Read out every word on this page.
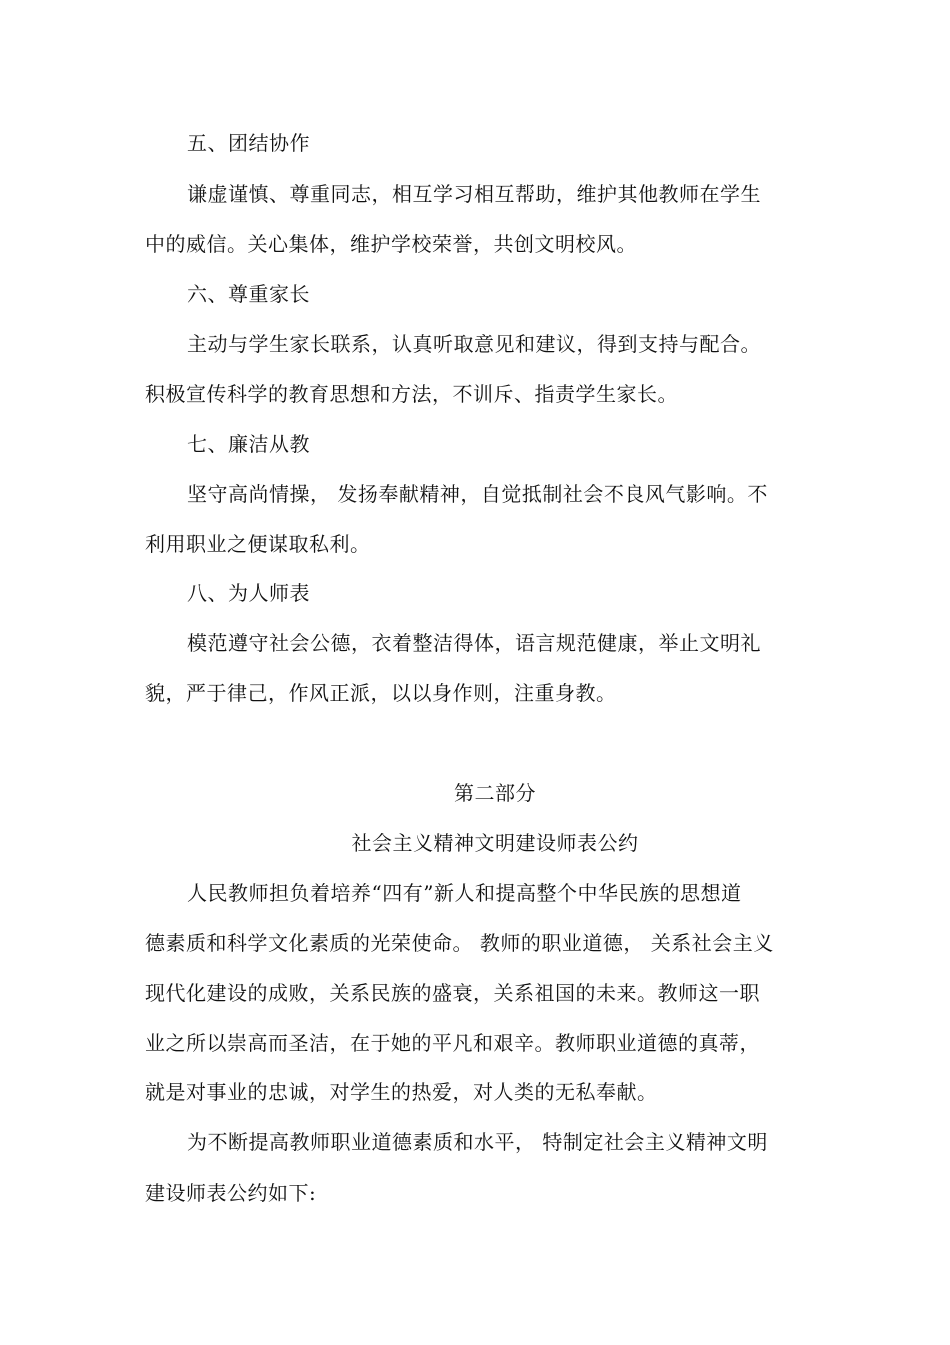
五、团结协作
谦虚谨慎、尊重同志，相互学习相互帮助，维护其他教师在学生
中的威信。关心集体，维护学校荣誉，共创文明校风。
六、尊重家长
主动与学生家长联系，认真听取意见和建议，得到支持与配合。
积极宣传科学的教育思想和方法，不训斥、指责学生家长。
七、廉洁从教
坚守高尚情操， 发扬奉献精神，自觉抵制社会不良风气影响。不
利用职业之便谋取私利。
八、为人师表
模范遵守社会公德，衣着整洁得体，语言规范健康，举止文明礼
貌，严于律己，作风正派，以以身作则，注重身教。
第二部分
社会主义精神文明建设师表公约
人民教师担负着培养“四有”新人和提高整个中华民族的思想道
德素质和科学文化素质的光荣使命。 教师的职业道德， 关系社会主义
现代化建设的成败，关系民族的盛衰，关系祖国的未来。教师这一职
业之所以崇高而圣洁，在于她的平凡和艰辛。教师职业道德的真蒂，
就是对事业的忠诚，对学生的热爱，对人类的无私奉献。
为不断提高教师职业道德素质和水平， 特制定社会主义精神文明
建设师表公约如下:
